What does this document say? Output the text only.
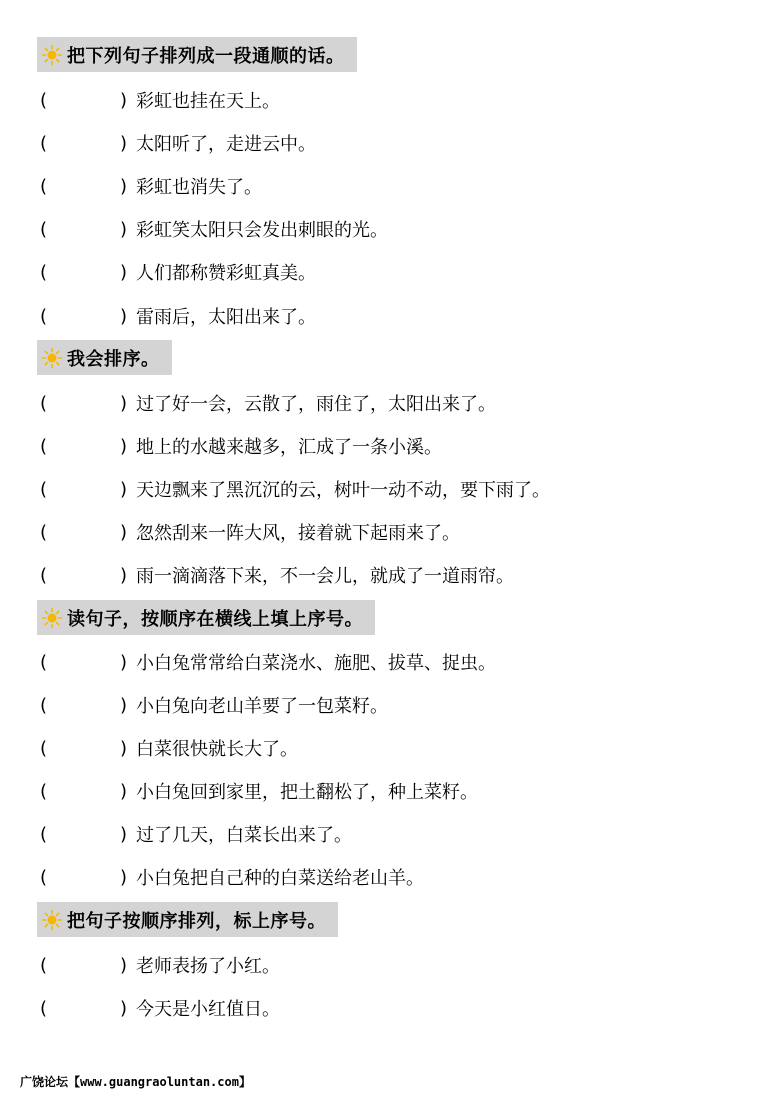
把下列句子排列成一段通顺的话。
(	) 彩虹也挂在天上。
(	) 太阳听了，走进云中。
(	) 彩虹也消失了。
(	) 彩虹笑太阳只会发出刺眼的光。
(	) 人们都称赞彩虹真美。
(	) 雷雨后，太阳出来了。
我会排序。
(	) 过了好一会，云散了，雨住了，太阳出来了。
(	) 地上的水越来越多，汇成了一条小溪。
(	) 天边飘来了黑沉沉的云，树叶一动不动，要下雨了。
(	) 忽然刮来一阵大风，接着就下起雨来了。
(	) 雨一滴滴落下来，不一会儿，就成了一道雨帘。
读句子，按顺序在横线上填上序号。
(	) 小白兔常常给白菜浇水、施肥、拔草、捉虫。
(	) 小白兔向老山羊要了一包菜籽。
(	) 白菜很快就长大了。
(	) 小白兔回到家里，把土翻松了，种上菜籽。
(	) 过了几天，白菜长出来了。
(	) 小白兔把自己种的白菜送给老山羊。
把句子按顺序排列，标上序号。
(	) 老师表扬了小红。
(	) 今天是小红值日。
广饶论坛【www.guangraoluntan.com】
